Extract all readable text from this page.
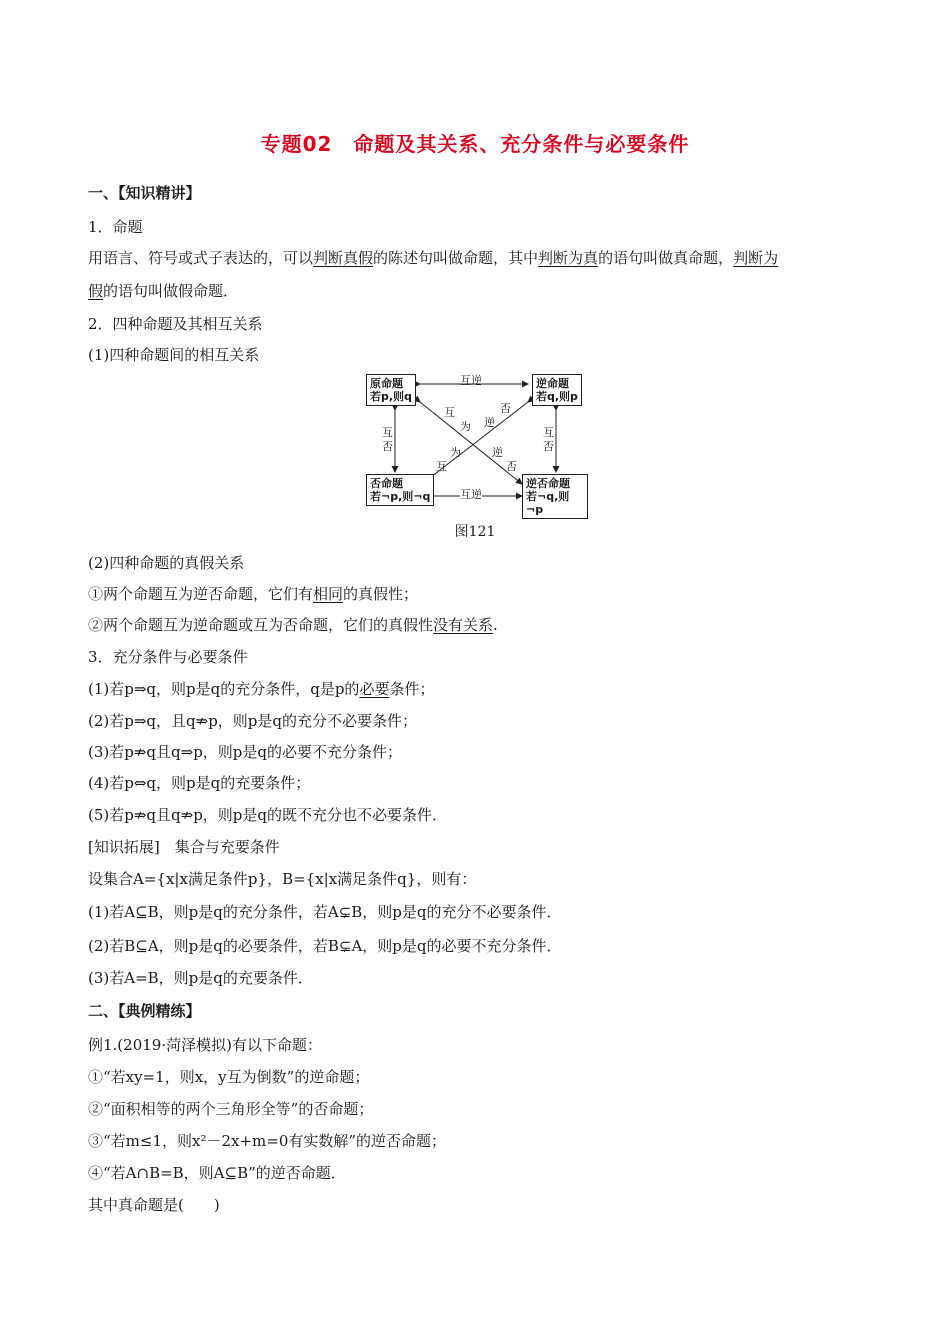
专题02　命题及其关系、充分条件与必要条件
一、【知识精讲】
1．命题
用语言、符号或式子表达的，可以判断真假的陈述句叫做命题，其中判断为真的语句叫做真命题，判断为
假的语句叫做假命题．
2．四种命题及其相互关系
(1)四种命题间的相互关系
原命题
若p,则q
逆命题
若q,则p
否命题
若¬p,则¬q
逆否命题
若¬q,则¬p
互逆
互逆
互
否
互
否
互
为 逆
否
为
互
逆
否
图121
(2)四种命题的真假关系
①两个命题互为逆否命题，它们有相同的真假性；
②两个命题互为逆命题或互为否命题，它们的真假性没有关系.
3．充分条件与必要条件
(1)若p⇒q，则p是q的充分条件，q是p的必要条件；
(2)若p⇒q，且q⇏p，则p是q的充分不必要条件；
(3)若p⇏q且q⇒p，则p是q的必要不充分条件；
(4)若p⇔q，则p是q的充要条件；
(5)若p⇏q且q⇏p，则p是q的既不充分也不必要条件．
[知识拓展]　集合与充要条件
设集合A={x|x满足条件p}，B={x|x满足条件q}，则有：
(1)若A⊆B，则p是q的充分条件，若A⊊B，则p是q的充分不必要条件．
(2)若B⊆A，则p是q的必要条件，若B⊊A，则p是q的必要不充分条件．
(3)若A=B，则p是q的充要条件．
二、【典例精练】
例1.(2019·菏泽模拟)有以下命题：
①“若xy=1，则x，y互为倒数”的逆命题；
②“面积相等的两个三角形全等”的否命题；
③“若m≤1，则x²－2x+m=0有实数解”的逆否命题；
④“若A∩B=B，则A⊆B”的逆否命题．
其中真命题是(　　)
